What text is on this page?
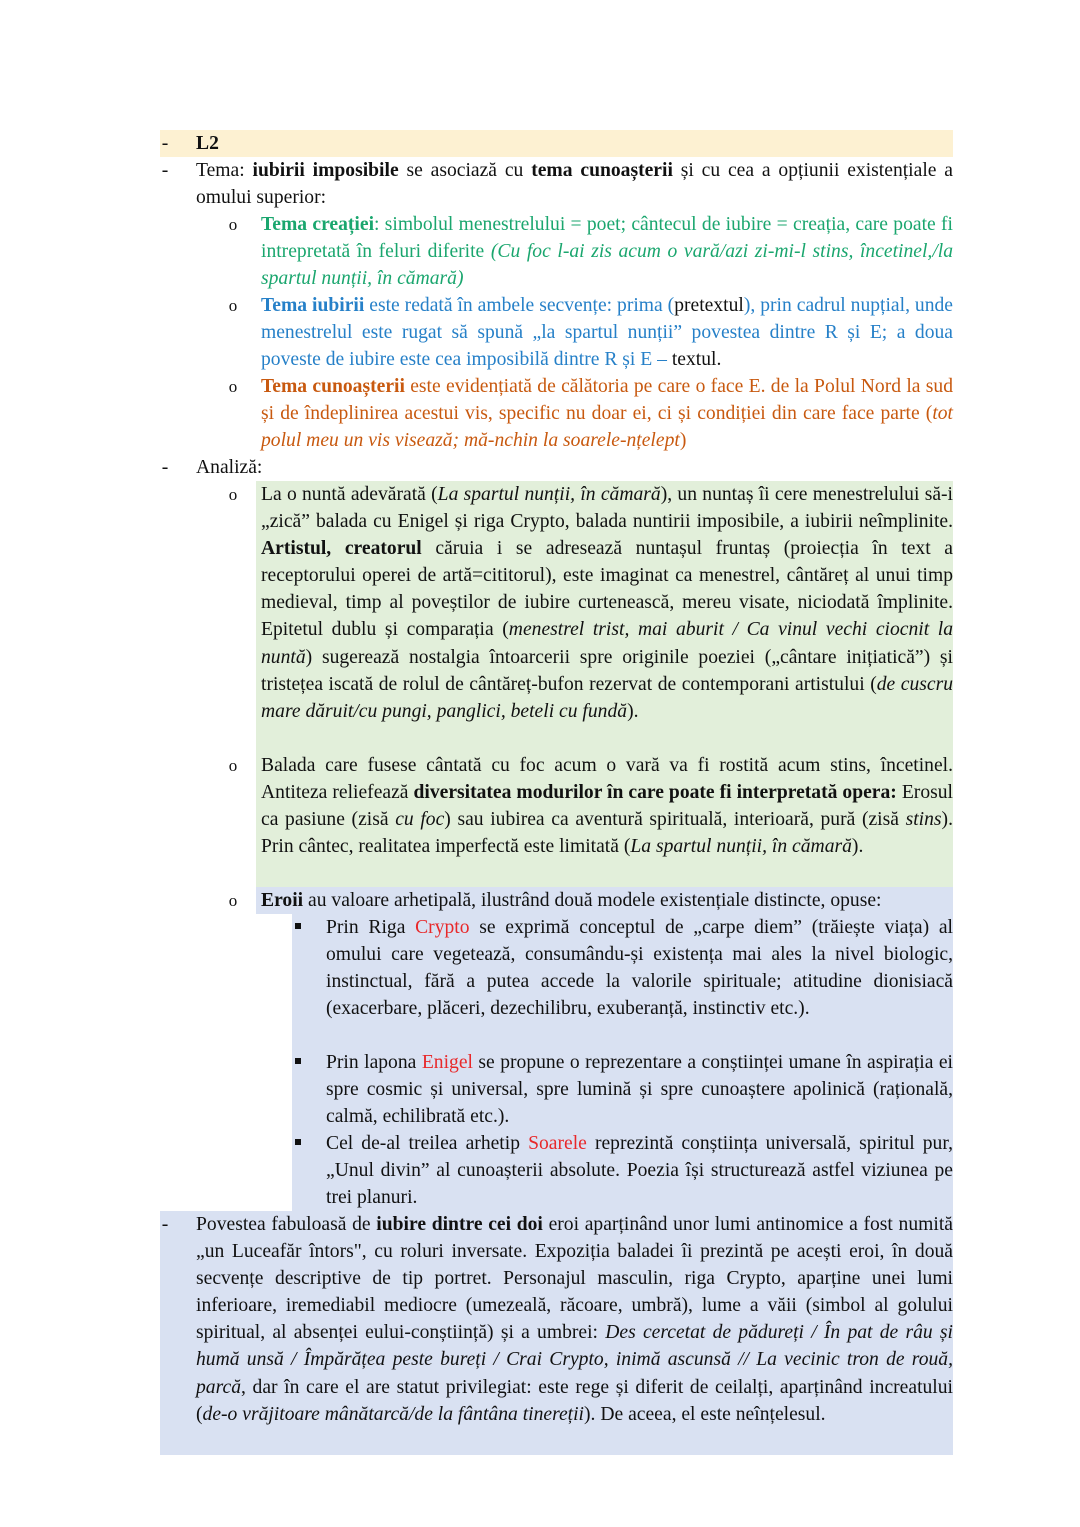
- L2
- Tema: iubirii imposibile se asociază cu tema cunoașterii și cu cea a opțiunii existențiale a omului superior:
o Tema creației: simbolul menestrelului = poet; cântecul de iubire = creația, care poate fi intrepretată în feluri diferite (Cu foc l-ai zis acum o vară/azi zi-mi-l stins, încetinel,/la spartul nunții, în cămară)
o Tema iubirii este redată în ambele secvențe: prima (pretextul), prin cadrul nupțial, unde menestrelul este rugat să spună „la spartul nunții” povestea dintre R și E; a doua poveste de iubire este cea imposibilă dintre R și E – textul.
o Tema cunoașterii este evidențiată de călătoria pe care o face E. de la Polul Nord la sud și de îndeplinirea acestui vis, specific nu doar ei, ci și condiției din care face parte (tot polul meu un vis visează; mă-nchin la soarele-nțelept)
- Analiză:
o La o nuntă adevărată (La spartul nunții, în cămară), un nuntaș îi cere menestrelului să-i „zică” balada cu Enigel și riga Crypto, balada nuntirii imposibile, a iubirii neîmplinite. Artistul, creatorul căruia i se adresează nuntașul fruntaș (proiecția în text a receptorului operei de artă=cititorul), este imaginat ca menestrel, cântăreț al unui timp medieval, timp al poveștilor de iubire curtenească, mereu visate, niciodată împlinite. Epitetul dublu și comparația (menestrel trist, mai aburit / Ca vinul vechi ciocnit la nuntă) sugerează nostalgia întoarcerii spre originile poeziei („cântare inițiatică”) și tristețea iscată de rolul de cântăreț-bufon rezervat de contemporani artistului (de cuscru mare dăruit/cu pungi, panglici, beteli cu fundă).
o Balada care fusese cântată cu foc acum o vară va fi rostită acum stins, încetinel. Antiteza reliefează diversitatea modurilor în care poate fi interpretată opera: Erosul ca pasiune (zisă cu foc) sau iubirea ca aventură spirituală, interioară, pură (zisă stins). Prin cântec, realitatea imperfectă este limitată (La spartul nunții, în cămară).
o Eroii au valoare arhetipală, ilustrând două modele existențiale distincte, opuse:
Prin Riga Crypto se exprimă conceptul de „carpe diem” (trăiește viața) al omului care vegetează, consumându-și existența mai ales la nivel biologic, instinctual, fără a putea accede la valorile spirituale; atitudine dionisiacă (exacerbare, plăceri, dezechilibru, exuberanță, instinctiv etc.).
Prin lapona Enigel se propune o reprezentare a conștiinței umane în aspirația ei spre cosmic și universal, spre lumină și spre cunoaștere apolinică (rațională, calmă, echilibrată etc.).
Cel de-al treilea arhetip Soarele reprezintă conștiința universală, spiritul pur, „Unul divin” al cunoașterii absolute. Poezia își structurează astfel viziunea pe trei planuri.
- Povestea fabuloasă de iubire dintre cei doi eroi aparținând unor lumi antinomice a fost numită „un Luceafăr întors", cu roluri inversate. Expoziția baladei îi prezintă pe acești eroi, în două secvențe descriptive de tip portret. Personajul masculin, riga Crypto, aparține unei lumi inferioare, iremediabil mediocre (umezeală, răcoare, umbră), lume a văii (simbol al golului spiritual, al absenței eului-conștiință) și a umbrei: Des cercetat de pădureți / În pat de râu și humă unsă / Împărățea peste bureți / Crai Crypto, inimă ascunsă // La vecinic tron de rouă, parcă, dar în care el are statut privilegiat: este rege și diferit de ceilalți, aparținând increatului (de-o vrăjitoare mânătarcă/de la fântâna tinereții). De aceea, el este neînțelesul.
